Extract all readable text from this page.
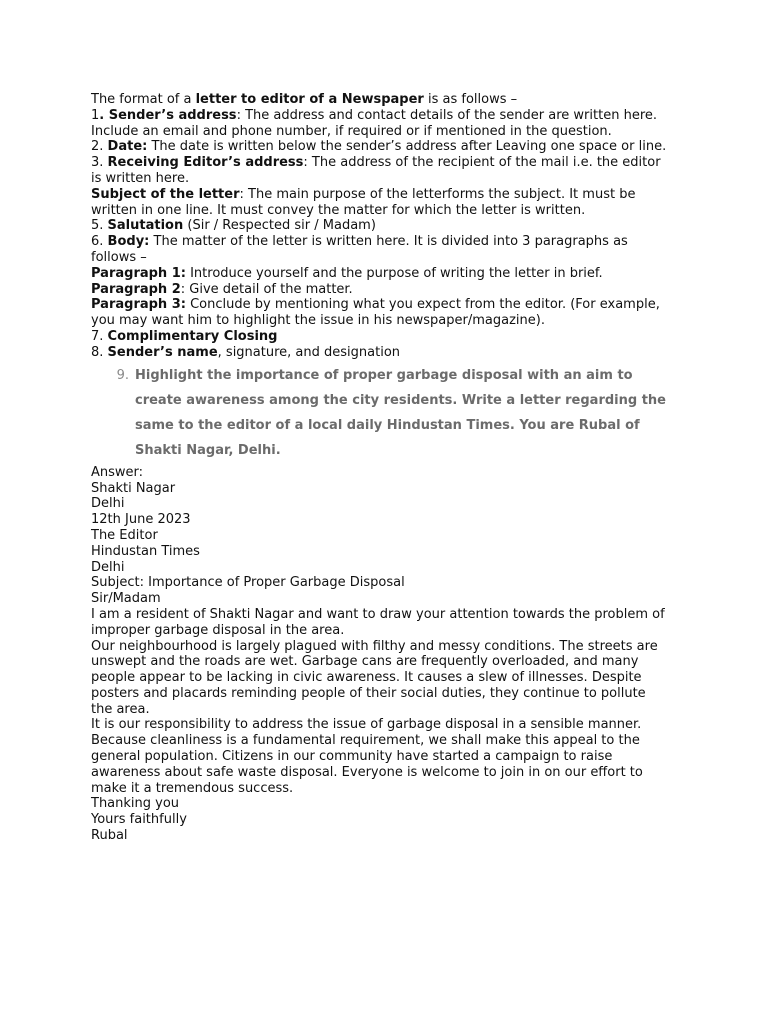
The format of a letter to editor of a Newspaper is as follows –
1. Sender’s address: The address and contact details of the sender are written here.
Include an email and phone number, if required or if mentioned in the question.
2. Date: The date is written below the sender’s address after Leaving one space or line.
3. Receiving Editor’s address: The address of the recipient of the mail i.e. the editor
is written here.
Subject of the letter: The main purpose of the letterforms the subject. It must be
written in one line. It must convey the matter for which the letter is written.
5. Salutation (Sir / Respected sir / Madam)
6. Body: The matter of the letter is written here. It is divided into 3 paragraphs as
follows –
Paragraph 1: Introduce yourself and the purpose of writing the letter in brief.
Paragraph 2: Give detail of the matter.
Paragraph 3: Conclude by mentioning what you expect from the editor. (For example,
you may want him to highlight the issue in his newspaper/magazine).
7. Complimentary Closing
8. Sender’s name, signature, and designation
9. Highlight the importance of proper garbage disposal with an aim to
create awareness among the city residents. Write a letter regarding the
same to the editor of a local daily Hindustan Times. You are Rubal of
Shakti Nagar, Delhi.
Answer:
Shakti Nagar
Delhi
12th June 2023
The Editor
Hindustan Times
Delhi
Subject: Importance of Proper Garbage Disposal
Sir/Madam
I am a resident of Shakti Nagar and want to draw your attention towards the problem of
improper garbage disposal in the area.
Our neighbourhood is largely plagued with filthy and messy conditions. The streets are
unswept and the roads are wet. Garbage cans are frequently overloaded, and many
people appear to be lacking in civic awareness. It causes a slew of illnesses. Despite
posters and placards reminding people of their social duties, they continue to pollute
the area.
It is our responsibility to address the issue of garbage disposal in a sensible manner.
Because cleanliness is a fundamental requirement, we shall make this appeal to the
general population. Citizens in our community have started a campaign to raise
awareness about safe waste disposal. Everyone is welcome to join in on our effort to
make it a tremendous success.
Thanking you
Yours faithfully
Rubal
